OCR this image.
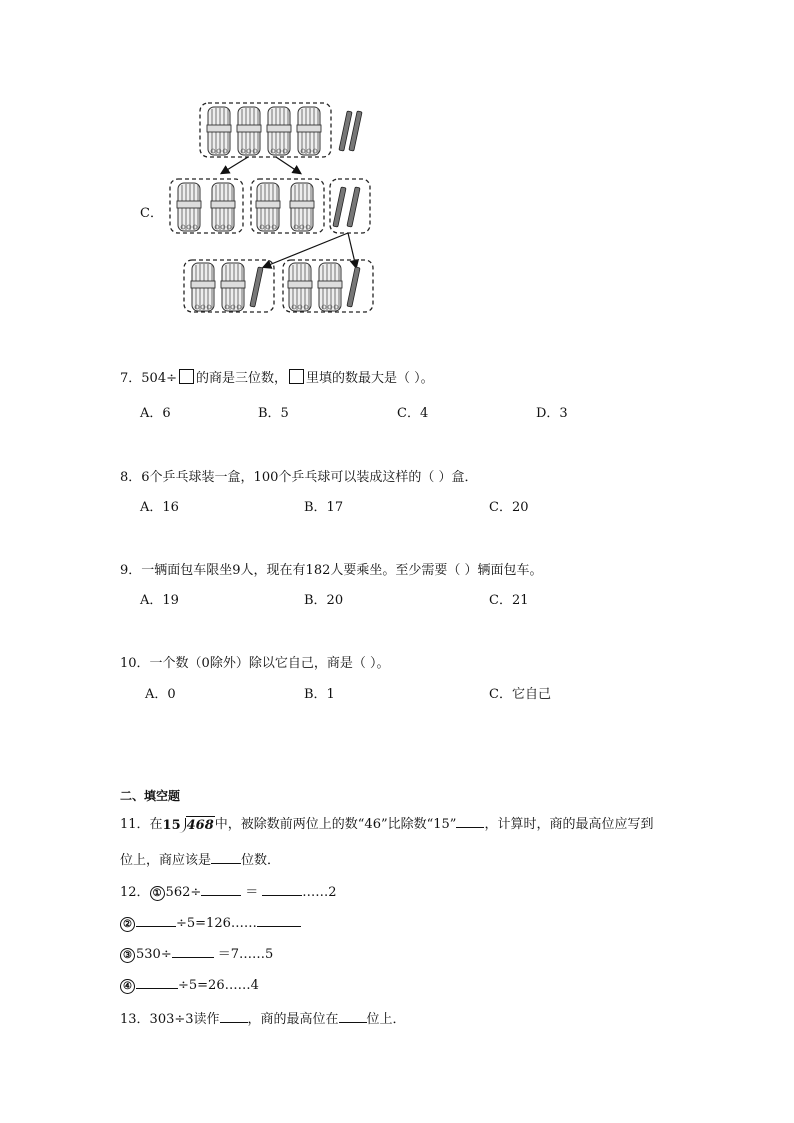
C．
7．504÷ 的商是三位数， 里填的数最大是（ ）。
A．6	B．5	C．4	D．3
8．6个乒乓球装一盒，100个乒乓球可以装成这样的（ ）盒．
A．16	B．17	C．20
9．一辆面包车限坐9人，现在有182人要乘坐。至少需要（ ）辆面包车。
A．19	B．20	C．21
10．一个数（0除外）除以它自己，商是（ ）。
A．0	B．1	C．它自己
二、填空题
11．在15 468中，被除数前两位上的数“46”比除数“15” ，计算时，商的最高位应写到
位上，商应该是 位数．
12． ① 562÷	＝	……2
②	÷5=126……
③ 530÷	＝7……5
④	÷5=26……4
13．303÷3读作 ，商的最高位在 位上．
